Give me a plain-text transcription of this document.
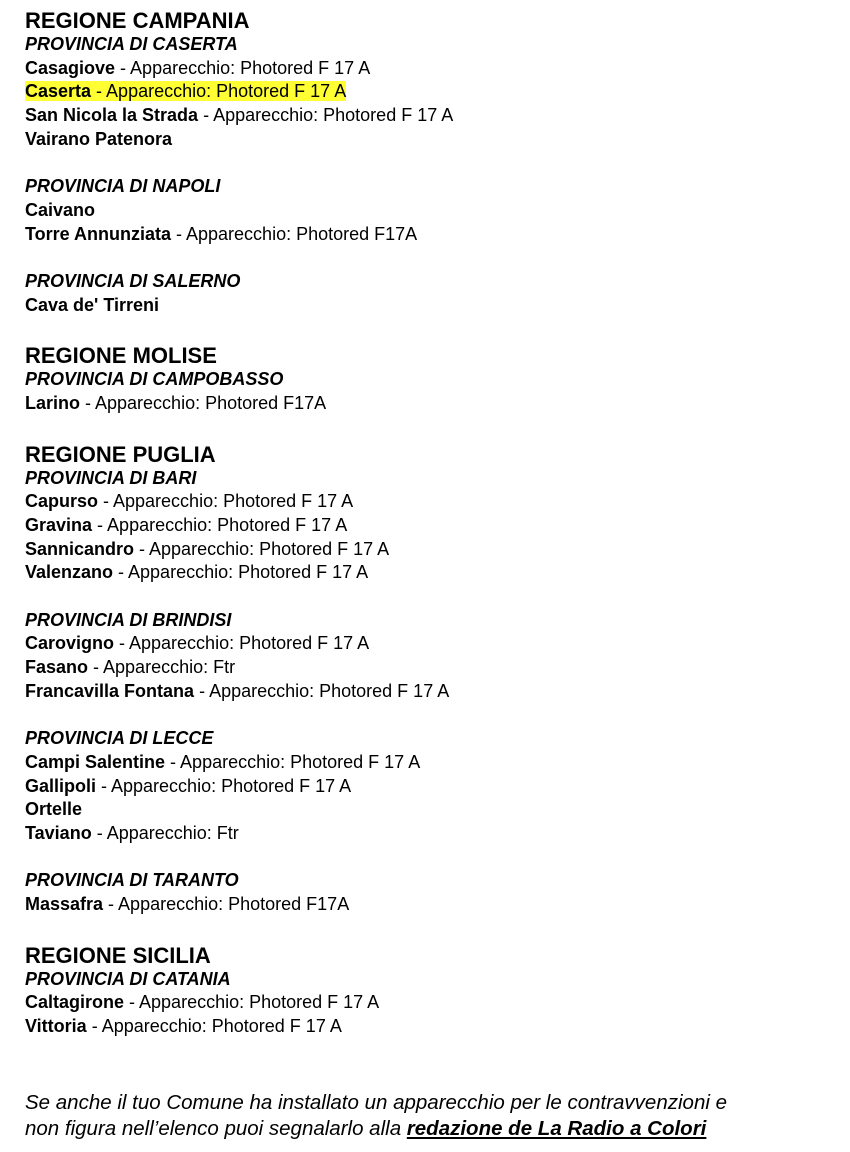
REGIONE CAMPANIA
PROVINCIA DI CASERTA
Casagiove - Apparecchio: Photored F 17 A
Caserta - Apparecchio: Photored F 17 A
San Nicola la Strada - Apparecchio: Photored F 17 A
Vairano Patenora
PROVINCIA DI NAPOLI
Caivano
Torre Annunziata - Apparecchio: Photored F17A
PROVINCIA DI SALERNO
Cava de' Tirreni
REGIONE MOLISE
PROVINCIA DI CAMPOBASSO
Larino - Apparecchio: Photored F17A
REGIONE PUGLIA
PROVINCIA DI BARI
Capurso - Apparecchio: Photored F 17 A
Gravina - Apparecchio: Photored F 17 A
Sannicandro - Apparecchio: Photored F 17 A
Valenzano - Apparecchio: Photored F 17 A
PROVINCIA DI BRINDISI
Carovigno - Apparecchio: Photored F 17 A
Fasano - Apparecchio: Ftr
Francavilla Fontana - Apparecchio: Photored F 17 A
PROVINCIA DI LECCE
Campi Salentine - Apparecchio: Photored F 17 A
Gallipoli - Apparecchio: Photored F 17 A
Ortelle
Taviano - Apparecchio: Ftr
PROVINCIA DI TARANTO
Massafra - Apparecchio: Photored F17A
REGIONE SICILIA
PROVINCIA DI CATANIA
Caltagirone - Apparecchio: Photored F 17 A
Vittoria - Apparecchio: Photored F 17 A
Se anche il tuo Comune ha installato un apparecchio per le contravvenzioni e
non figura nell’elenco puoi segnalarlo alla redazione de La Radio a Colori
